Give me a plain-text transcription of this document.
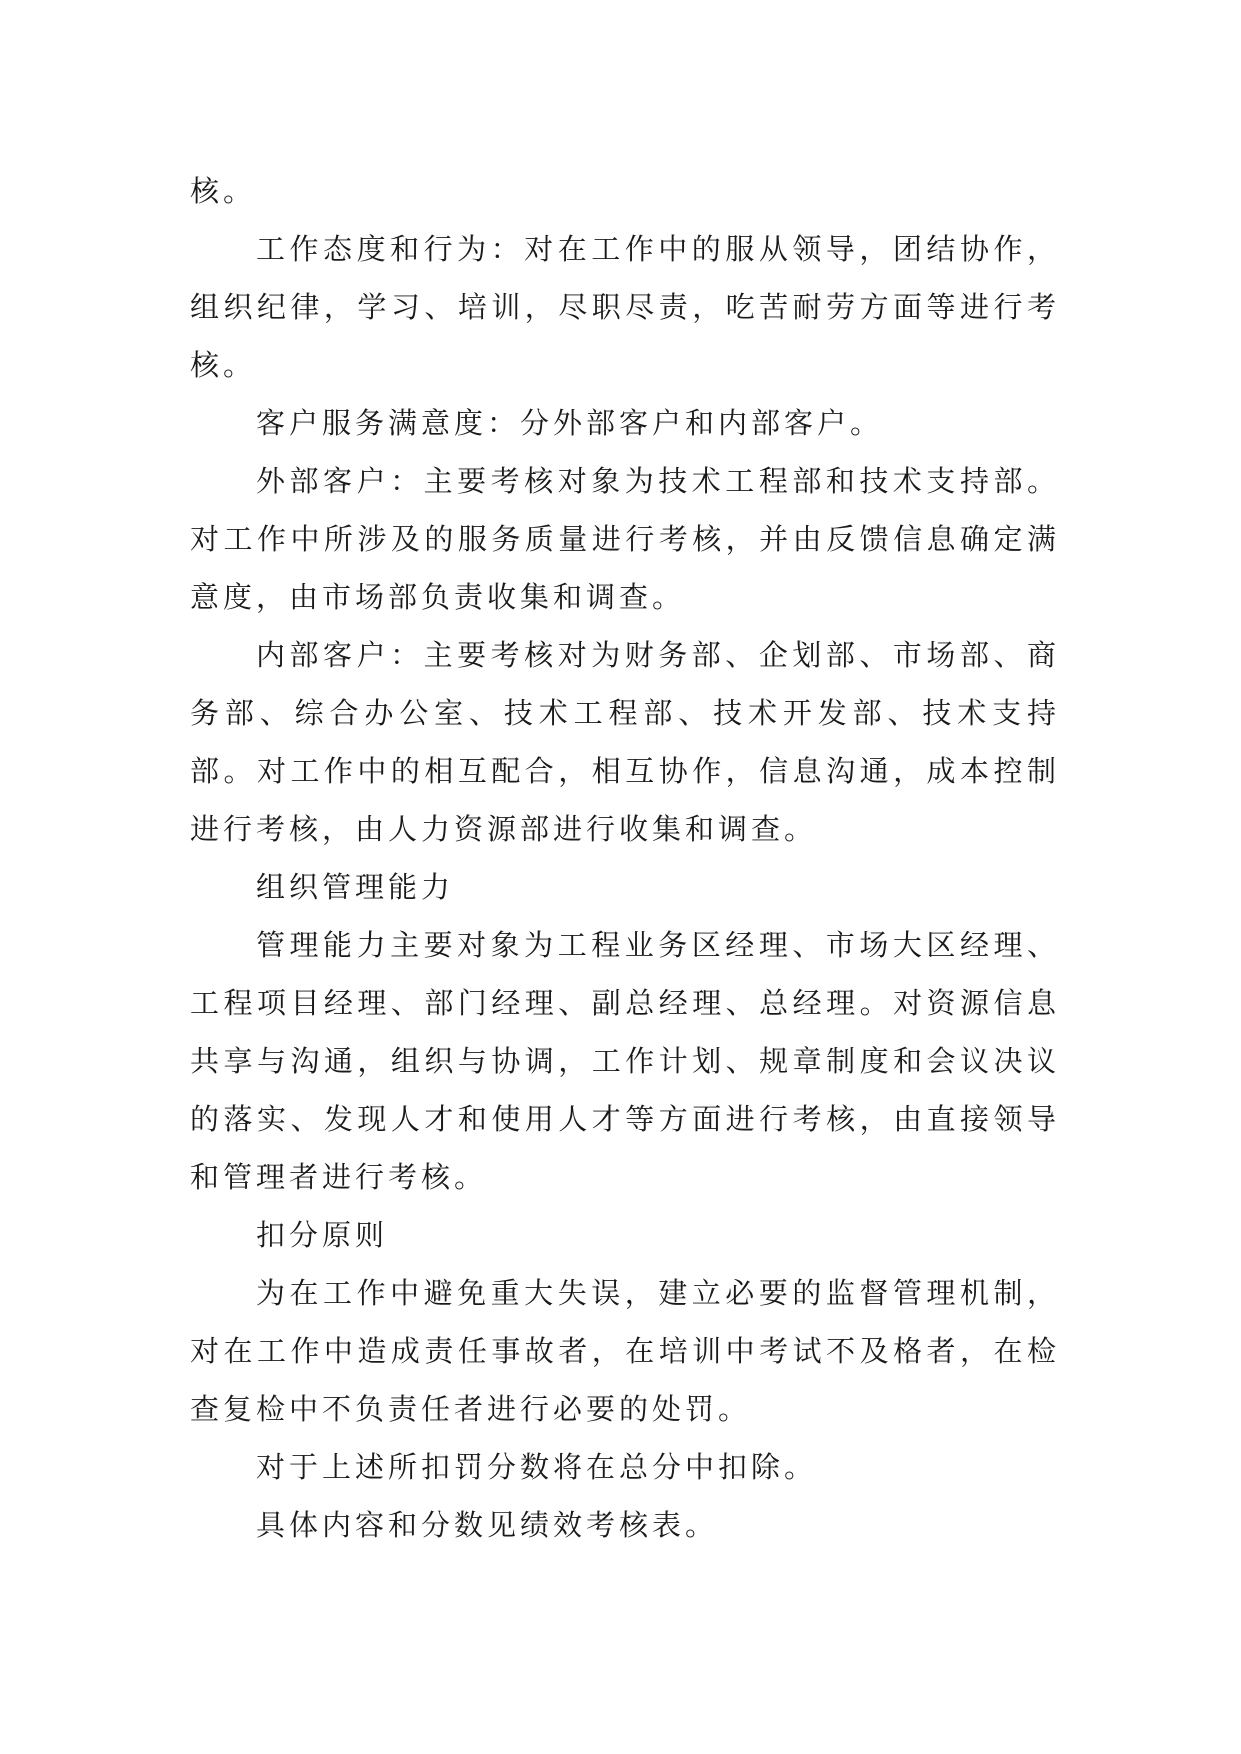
核。

工作态度和行为：对在工作中的服从领导，团结协作，组织纪律，学习、培训，尽职尽责，吃苦耐劳方面等进行考核。

客户服务满意度：分外部客户和内部客户。

外部客户：主要考核对象为技术工程部和技术支持部。对工作中所涉及的服务质量进行考核，并由反馈信息确定满意度，由市场部负责收集和调查。

内部客户：主要考核对为财务部、企划部、市场部、商务部、综合办公室、技术工程部、技术开发部、技术支持部。对工作中的相互配合，相互协作，信息沟通，成本控制进行考核，由人力资源部进行收集和调查。

组织管理能力

管理能力主要对象为工程业务区经理、市场大区经理、工程项目经理、部门经理、副总经理、总经理。对资源信息共享与沟通，组织与协调，工作计划、规章制度和会议决议的落实、发现人才和使用人才等方面进行考核，由直接领导和管理者进行考核。

扣分原则

为在工作中避免重大失误，建立必要的监督管理机制，对在工作中造成责任事故者，在培训中考试不及格者，在检查复检中不负责任者进行必要的处罚。

对于上述所扣罚分数将在总分中扣除。

具体内容和分数见绩效考核表。
